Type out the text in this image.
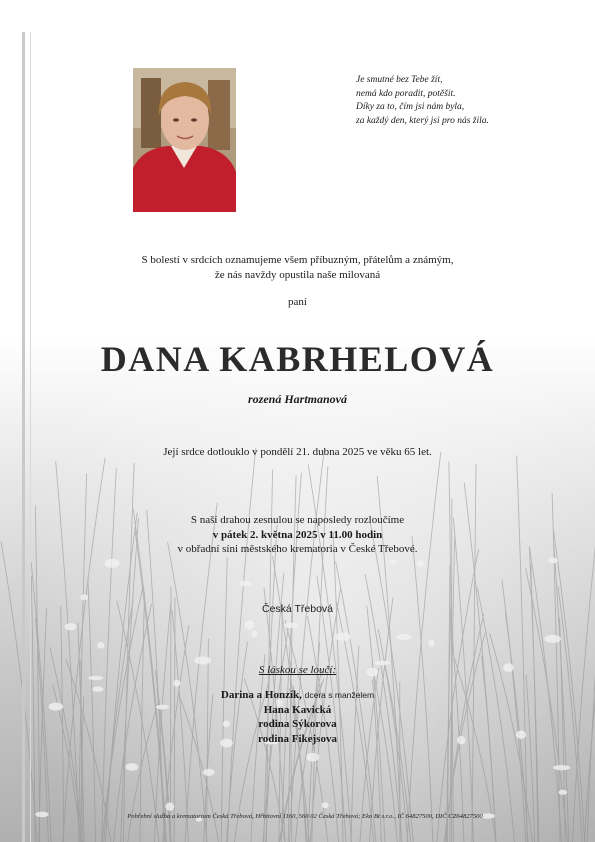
Je smutné bez Tebe žít,
nemá kdo poradit, potěšit.
Díky za to, čím jsi nám byla,
za každý den, který jsi pro nás žila.
S bolestí v srdcích oznamujeme všem příbuzným, přátelům a známým,
že nás navždy opustila naše milovaná
paní
DANA KABRHELOVÁ
rozená Hartmanová
Její srdce dotlouklo v pondělí 21. dubna 2025 ve věku 65 let.
S naší drahou zesnulou se naposledy rozloučíme
v pátek 2. května 2025 v 11.00 hodin
v obřadní síni městského krematoria v České Třebové.
Česká Třebová
S láskou se loučí:
Darina a Honzík, dcera s manželem
Hana Kavická
rodina Sýkorova
rodina Fikejsova
Pohřební služba a krematorium Česká Třebová, Hřbitovní 1160, 560 02 Česká Třebová; Eko Bt s.r.o., IČ 64827500, DIČ CZ64827500
